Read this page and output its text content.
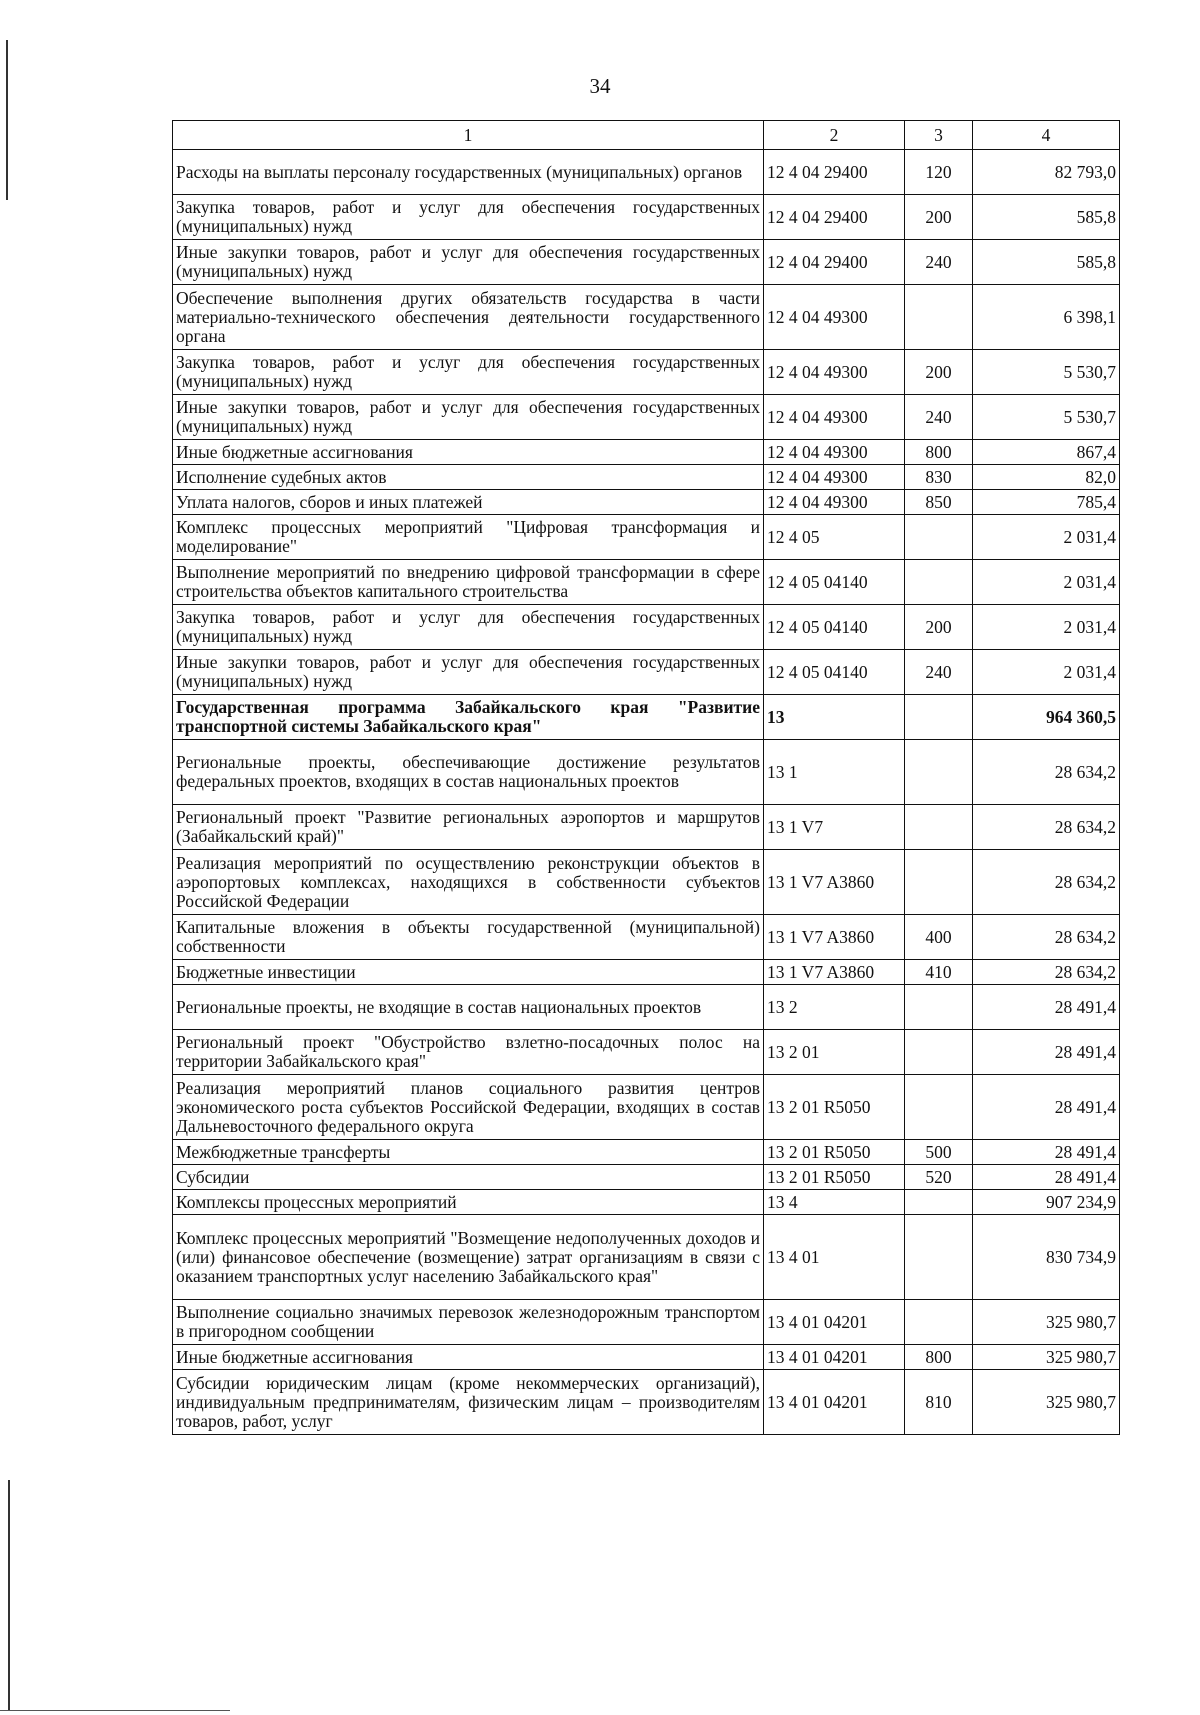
34
1	2	3	4
Расходы на выплаты персоналу государственных (муниципальных) органов	12 4 04 29400	120	82 793,0
Закупка товаров, работ и услуг для обеспечения государственных (муниципальных) нужд	12 4 04 29400	200	585,8
Иные закупки товаров, работ и услуг для обеспечения государственных (муниципальных) нужд	12 4 04 29400	240	585,8
Обеспечение выполнения других обязательств государства в части материально-технического обеспечения деятельности государственного органа	12 4 04 49300		6 398,1
Закупка товаров, работ и услуг для обеспечения государственных (муниципальных) нужд	12 4 04 49300	200	5 530,7
Иные закупки товаров, работ и услуг для обеспечения государственных (муниципальных) нужд	12 4 04 49300	240	5 530,7
Иные бюджетные ассигнования	12 4 04 49300	800	867,4
Исполнение судебных актов	12 4 04 49300	830	82,0
Уплата налогов, сборов и иных платежей	12 4 04 49300	850	785,4
Комплекс процессных мероприятий "Цифровая трансформация и моделирование"	12 4 05		2 031,4
Выполнение мероприятий по внедрению цифровой трансформации в сфере строительства объектов капитального строительства	12 4 05 04140		2 031,4
Закупка товаров, работ и услуг для обеспечения государственных (муниципальных) нужд	12 4 05 04140	200	2 031,4
Иные закупки товаров, работ и услуг для обеспечения государственных (муниципальных) нужд	12 4 05 04140	240	2 031,4
Государственная программа Забайкальского края "Развитие транспортной системы Забайкальского края"	13		964 360,5
Региональные проекты, обеспечивающие достижение результатов федеральных проектов, входящих в состав национальных проектов	13 1		28 634,2
Региональный проект "Развитие региональных аэропортов и маршрутов (Забайкальский край)"	13 1 V7		28 634,2
Реализация мероприятий по осуществлению реконструкции объектов в аэропортовых комплексах, находящихся в собственности субъектов Российской Федерации	13 1 V7 A3860		28 634,2
Капитальные вложения в объекты государственной (муниципальной) собственности	13 1 V7 A3860	400	28 634,2
Бюджетные инвестиции	13 1 V7 A3860	410	28 634,2
Региональные проекты, не входящие в состав национальных проектов	13 2		28 491,4
Региональный проект "Обустройство взлетно-посадочных полос на территории Забайкальского края"	13 2 01		28 491,4
Реализация мероприятий планов социального развития центров экономического роста субъектов Российской Федерации, входящих в состав Дальневосточного федерального округа	13 2 01 R5050		28 491,4
Межбюджетные трансферты	13 2 01 R5050	500	28 491,4
Субсидии	13 2 01 R5050	520	28 491,4
Комплексы процессных мероприятий	13 4		907 234,9
Комплекс процессных мероприятий "Возмещение недополученных доходов и (или) финансовое обеспечение (возмещение) затрат организациям в связи с оказанием транспортных услуг населению Забайкальского края"	13 4 01		830 734,9
Выполнение социально значимых перевозок железнодорожным транспортом в пригородном сообщении	13 4 01 04201		325 980,7
Иные бюджетные ассигнования	13 4 01 04201	800	325 980,7
Субсидии юридическим лицам (кроме некоммерческих организаций), индивидуальным предпринимателям, физическим лицам – производителям товаров, работ, услуг	13 4 01 04201	810	325 980,7
